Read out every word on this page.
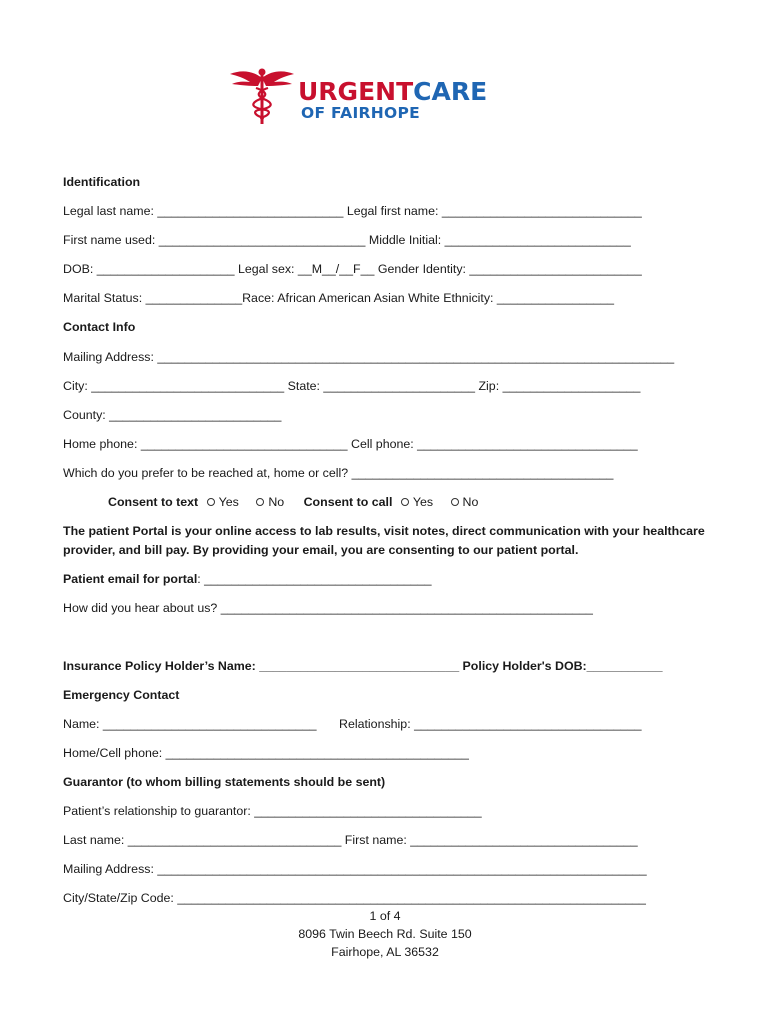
URGENTCARE
OF FAIRHOPE
Identification
Legal last name: ___________________________ Legal first name: _____________________________
First name used: ______________________________ Middle Initial: ___________________________
DOB: ____________________ Legal sex: __M__/__F__ Gender Identity: _________________________
Marital Status: ______________Race: African American Asian White Ethnicity: _________________
Contact Info
Mailing Address: ___________________________________________________________________________
City: ____________________________ State: ______________________ Zip: ____________________
County: _________________________
Home phone: ______________________________ Cell phone: ________________________________
Which do you prefer to be reached at, home or cell? ______________________________________
Consent to text Yes No Consent to call Yes No
The patient Portal is your online access to lab results, visit notes, direct communication with your healthcare
provider, and bill pay. By providing your email, you are consenting to our patient portal.
Patient email for portal: _________________________________
How did you hear about us? ______________________________________________________
Insurance Policy Holder’s Name: _____________________________ Policy Holder's DOB:___________
Emergency Contact
Name: _______________________________ Relationship: _________________________________
Home/Cell phone: ____________________________________________
Guarantor (to whom billing statements should be sent)
Patient’s relationship to guarantor: _________________________________
Last name: _______________________________ First name: _________________________________
Mailing Address: _______________________________________________________________________
City/State/Zip Code: ____________________________________________________________________
1 of 4
8096 Twin Beech Rd. Suite 150
Fairhope, AL 36532
